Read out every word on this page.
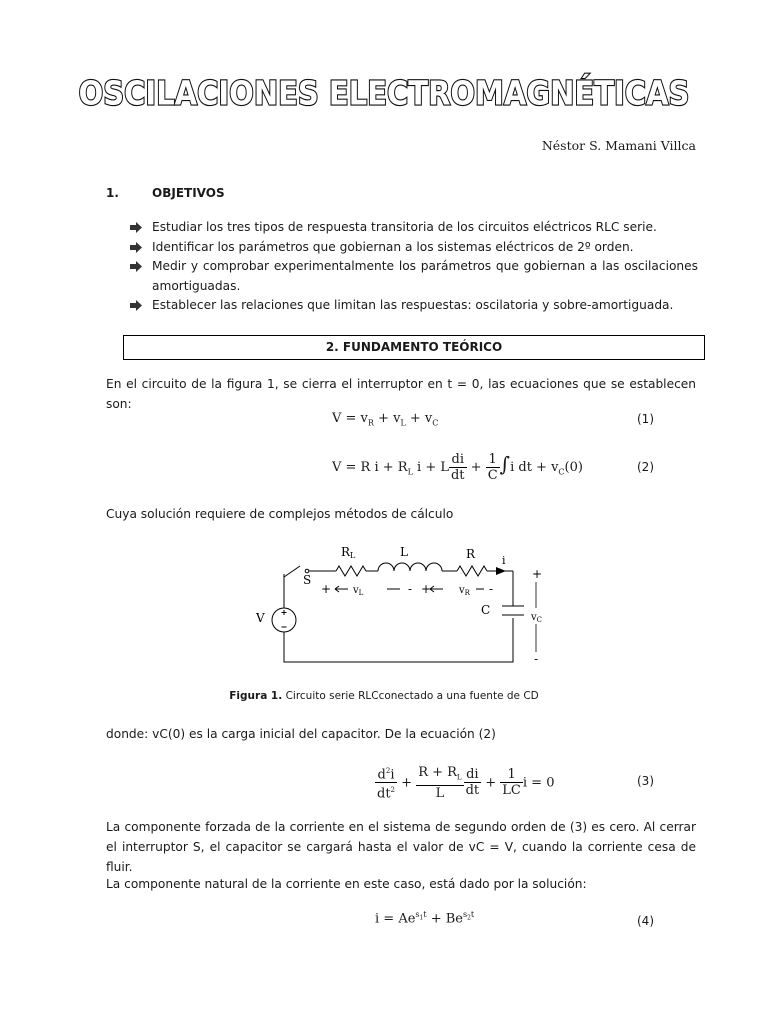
OSCILACIONES ELECTROMAGNÉTICAS
Néstor S. Mamani Villca
1.	OBJETIVOS
Estudiar los tres tipos de respuesta transitoria de los circuitos eléctricos RLC serie.
Identificar los parámetros que gobiernan a los sistemas eléctricos de 2º orden.
Medir y comprobar experimentalmente los parámetros que gobiernan a las oscilaciones amortiguadas.
Establecer las relaciones que limitan las respuestas: oscilatoria y sobre-amortiguada.
2. FUNDAMENTO TEÓRICO
En el circuito de la figura 1, se cierra el interruptor en t = 0, las ecuaciones que se establecen son:
$V = v_R + v_L + v_C$	(1)
V = R $i + R_L$ i + L $\frac{di}{dt} + \frac{1}{C} \int i$ dt + $v_C(0)$	(2)
Cuya solución requiere de complejos métodos de cálculo
RL	L	R i
S
V
C
+ $v_L$	- +	$v_R$ -
+
$v_C$
-
Figura 1. Circuito serie RLCconectado a una fuente de CD
donde: vC(0) es la carga inicial del capacitor. De la ecuación (2)
$\frac{d^2i}{dt^2} + \frac{R + R_L}{L} \frac{di}{dt} + \frac{1}{LC}$ i = 0	(3)
La componente forzada de la corriente en el sistema de segundo orden de (3) es cero. Al cerrar el interruptor S, el capacitor se cargará hasta el valor de vC = V, cuando la corriente cesa de fluir.
La componente natural de la corriente en este caso, está dado por la solución:
$i = Ae^{s_1t} + Be^{s_2t}$	(4)
